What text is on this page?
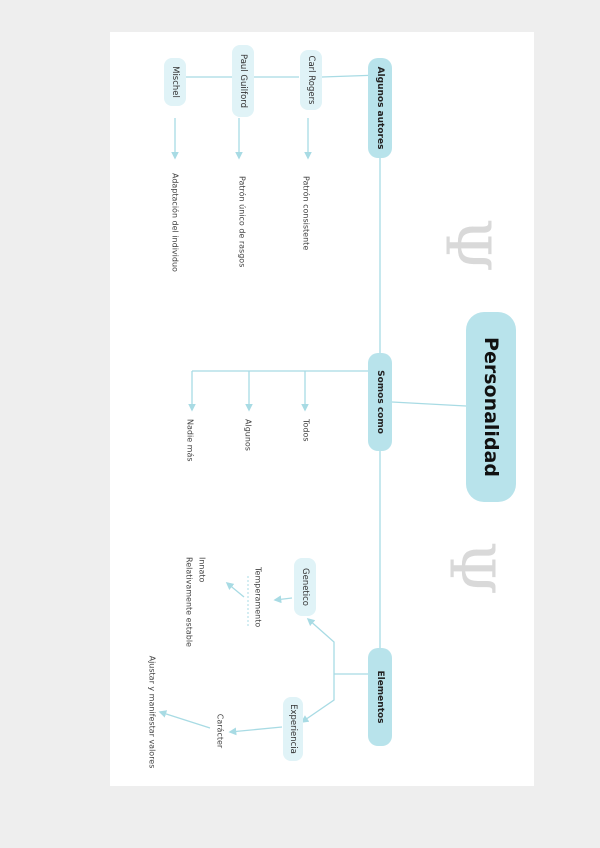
Ψ
Ψ
Personalidad
Algunos autores
Somos como
Elementos
Carl Rogers
Paul Guilford
Mischel
Patrón consistente
Patrón único de rasgos
Adaptación del individuo
Todos
Algunos
Nadie más
Genetico
Temperamento
Innato
Relativamente estable
Experiencia
Carácter
Ajustar y manifestar valores
